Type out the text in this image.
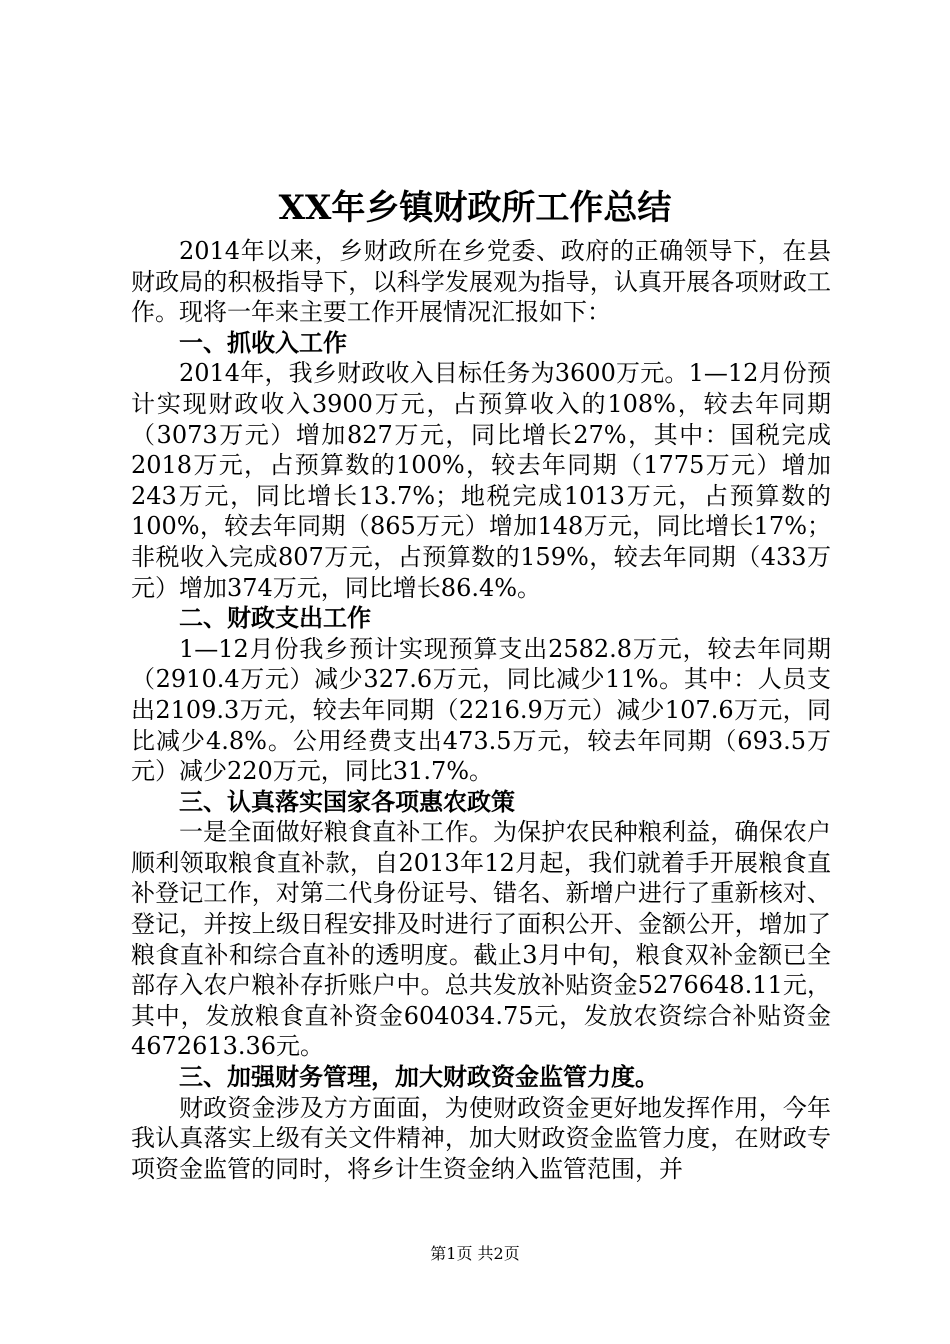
XX年乡镇财政所工作总结

2014年以来，乡财政所在乡党委、政府的正确领导下，在县财政局的积极指导下，以科学发展观为指导，认真开展各项财政工作。现将一年来主要工作开展情况汇报如下：

一、抓收入工作

2014年，我乡财政收入目标任务为3600万元。1—12月份预计实现财政收入3900万元，占预算收入的108%，较去年同期（3073万元）增加827万元，同比增长27%，其中：国税完成2018万元，占预算数的100%，较去年同期（1775万元）增加243万元，同比增长13.7%；地税完成1013万元，占预算数的100%，较去年同期（865万元）增加148万元，同比增长17%；非税收入完成807万元，占预算数的159%，较去年同期（433万元）增加374万元，同比增长86.4%。

二、财政支出工作

1—12月份我乡预计实现预算支出2582.8万元，较去年同期（2910.4万元）减少327.6万元，同比减少11%。其中：人员支出2109.3万元，较去年同期（2216.9万元）减少107.6万元，同比减少4.8%。公用经费支出473.5万元，较去年同期（693.5万元）减少220万元，同比31.7%。

三、认真落实国家各项惠农政策

一是全面做好粮食直补工作。为保护农民种粮利益，确保农户顺利领取粮食直补款，自2013年12月起，我们就着手开展粮食直补登记工作，对第二代身份证号、错名、新增户进行了重新核对、登记，并按上级日程安排及时进行了面积公开、金额公开，增加了粮食直补和综合直补的透明度。截止3月中旬，粮食双补金额已全部存入农户粮补存折账户中。总共发放补贴资金5276648.11元，其中，发放粮食直补资金604034.75元，发放农资综合补贴资金4672613.36元。

三、加强财务管理，加大财政资金监管力度。

财政资金涉及方方面面，为使财政资金更好地发挥作用，今年我认真落实上级有关文件精神，加大财政资金监管力度，在财政专项资金监管的同时，将乡计生资金纳入监管范围，并

第1页 共2页
